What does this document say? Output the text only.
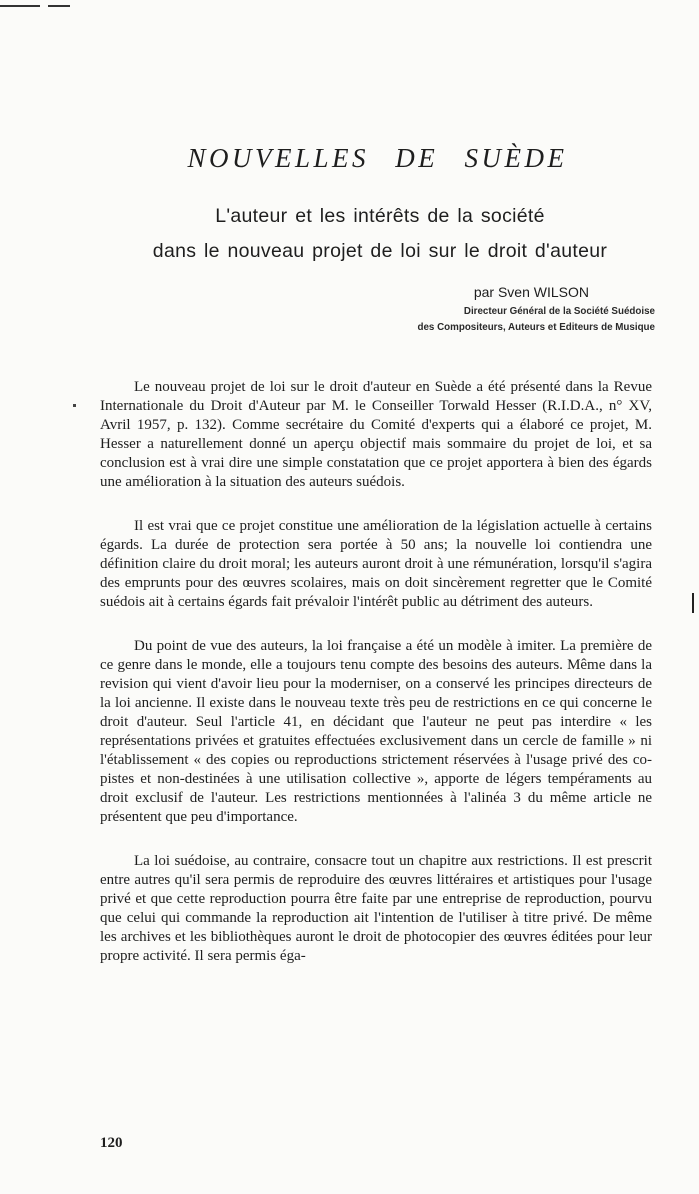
NOUVELLES DE SUÈDE

L'auteur et les intérêts de la société

dans le nouveau projet de loi sur le droit d'auteur

par Sven WILSON
Directeur Général de la Société Suédoise
des Compositeurs, Auteurs et Editeurs de Musique

Le nouveau projet de loi sur le droit d'auteur en Suède a été présenté dans la Revue Internationale du Droit d'Auteur par M. le Conseiller Torwald Hesser (R.I.D.A., n° XV, Avril 1957, p. 132). Comme secrétaire du Comité d'experts qui a élaboré ce projet, M. Hesser a naturellement donné un aperçu objectif mais sommaire du projet de loi, et sa conclusion est à vrai dire une simple constatation que ce projet apportera à bien des égards une amélioration à la situation des auteurs suédois.

Il est vrai que ce projet constitue une amélioration de la législation actuelle à certains égards. La durée de protection sera portée à 50 ans; la nouvelle loi contiendra une définition claire du droit moral; les auteurs auront droit à une rémunération, lorsqu'il s'agira des emprunts pour des œuvres scolaires, mais on doit sincèrement regretter que le Comité suédois ait à certains égards fait prévaloir l'intérêt public au détriment des auteurs.

Du point de vue des auteurs, la loi française a été un modèle à imiter. La première de ce genre dans le monde, elle a toujours tenu compte des besoins des auteurs. Même dans la revision qui vient d'avoir lieu pour la moderniser, on a conservé les principes directeurs de la loi ancienne. Il existe dans le nouveau texte très peu de restrictions en ce qui concerne le droit d'auteur. Seul l'article 41, en décidant que l'auteur ne peut pas interdire « les représentations privées et gratuites effectuées exclusivement dans un cercle de famille » ni l'établissement « des copies ou reproductions strictement réservées à l'usage privé des copistes et non-destinées à une utilisation collective », apporte de légers tempéraments au droit exclusif de l'auteur. Les restrictions mentionnées à l'alinéa 3 du même article ne présentent que peu d'importance.

La loi suédoise, au contraire, consacre tout un chapitre aux restrictions. Il est prescrit entre autres qu'il sera permis de reproduire des œuvres littéraires et artistiques pour l'usage privé et que cette reproduction pourra être faite par une entreprise de reproduction, pourvu que celui qui commande la reproduction ait l'intention de l'utiliser à titre privé. De même les archives et les bibliothèques auront le droit de photocopier des œuvres éditées pour leur propre activité. Il sera permis éga-

120
